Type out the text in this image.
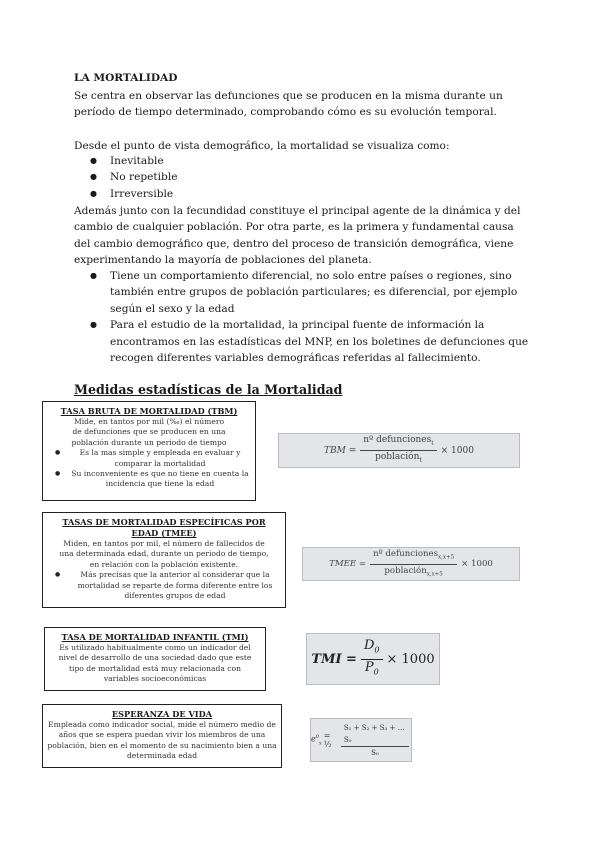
LA MORTALIDAD

Se centra en observar las defunciones que se producen en la misma durante un período de tiempo determinado, comprobando cómo es su evolución temporal.

Desde el punto de vista demográfico, la mortalidad se visualiza como:

● Inevitable
● No repetible
● Irreversible

Además junto con la fecundidad constituye el principal agente de la dinámica y del cambio de cualquier población. Por otra parte, es la primera y fundamental causa del cambio demográfico que, dentro del proceso de transición demográfica, viene experimentando la mayoría de poblaciones del planeta.

● Tiene un comportamiento diferencial, no solo entre países o regiones, sino también entre grupos de población particulares; es diferencial, por ejemplo según el sexo y la edad
● Para el estudio de la mortalidad, la principal fuente de información la encontramos en las estadísticas del MNP, en los boletines de defunciones que recogen diferentes variables demográficas referidas al fallecimiento.
Medidas estadísticas de la Mortalidad
TASA BRUTA DE MORTALIDAD (TBM)
Mide, en tantos por mil (‰) el número de defunciones que se producen en una población durante un periodo de tiempo
● Es la mas simple y empleada en evaluar y comparar la mortalidad
● Su inconveniente es que no tiene en cuenta la incidencia que tiene la edad
TBM = $\frac{nº defunciones_t}{población_t} \times 1000$
TASAS DE MORTALIDAD ESPECÍFICAS POR EDAD (TMEE)
Miden, en tantos por mil, el número de fallecidos de una determinada edad, durante un periodo de tiempo, en relación con la población existente.
● Más precisas que la anterior al considerar que la mortalidad se reparte de forma diferente entre los diferentes grupos de edad
TMEE = $\frac{nº defunciones_{x,x+5}}{población_{x,x+5}} \times 1000$
TASA DE MORTALIDAD INFANTIL (TMI)
Es utilizado habitualmente como un indicador del nivel de desarrollo de una sociedad dado que este tipo de mortalidad está muy relacionada con variables socioeconómicas
TMI = $\frac{D_0}{P_0} \times 1000$
ESPERANZA DE VIDA
Empleada como indicador social, mide el número medio de años que se espera puedan vivir los miembros de una población, bien en el momento de su nacimiento bien a una determinada edad
$e^0_x$
= ½	$\frac{\text{S₁ + S₂ + S₃ + … S₀}}{\text{S₀}}$
